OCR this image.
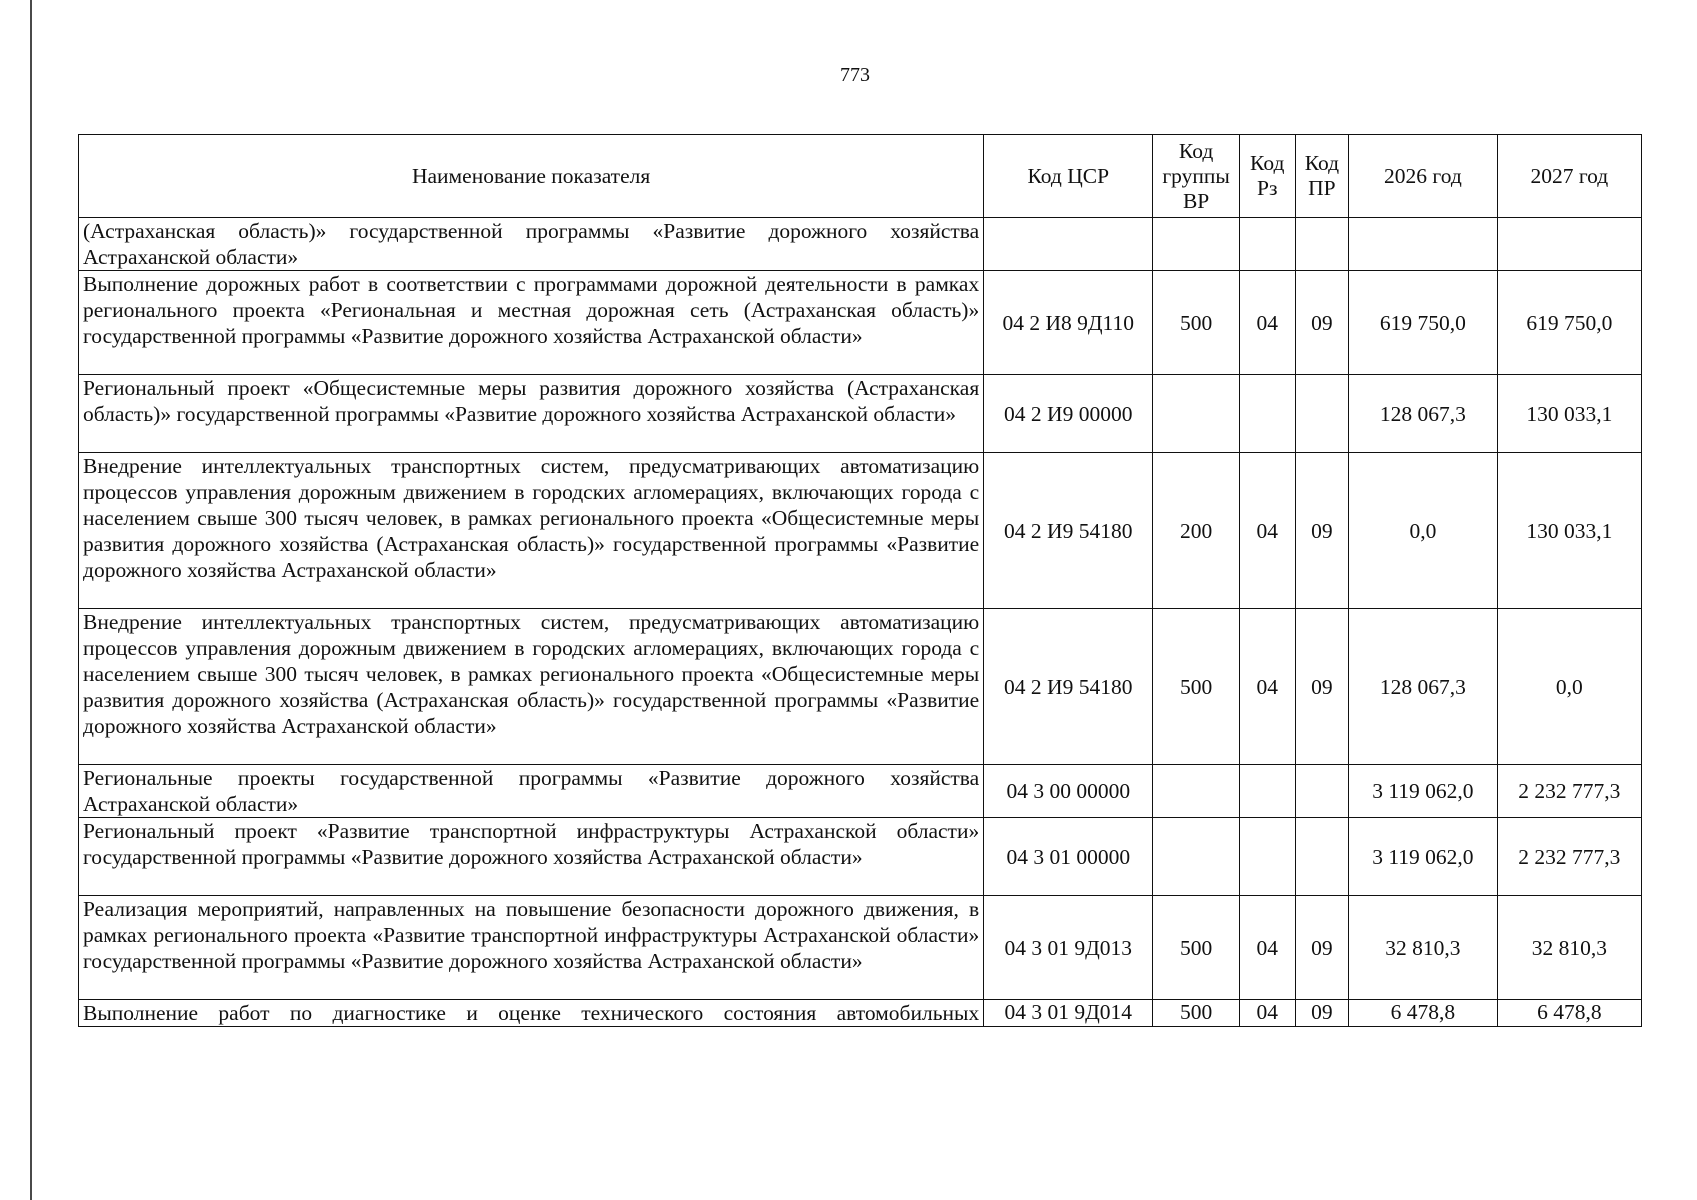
773
Наименование показателя	Код ЦСР	Код группы ВР	Код Рз	Код ПР	2026 год	2027 год
(Астраханская область)» государственной программы «Развитие дорожного хозяйства Астраханской области»						
Выполнение дорожных работ в соответствии с программами дорожной деятельности в рамках регионального проекта «Региональная и местная дорожная сеть (Астраханская область)» государственной программы «Развитие дорожного хозяйства Астраханской области»	04 2 И8 9Д110	500	04	09	619 750,0	619 750,0
Региональный проект «Общесистемные меры развития дорожного хозяйства (Астраханская область)» государственной программы «Развитие дорожного хозяйства Астраханской области»	04 2 И9 00000				128 067,3	130 033,1
Внедрение интеллектуальных транспортных систем, предусматривающих автоматизацию процессов управления дорожным движением в городских агломерациях, включающих города с населением свыше 300 тысяч человек, в рамках регионального проекта «Общесистемные меры развития дорожного хозяйства (Астраханская область)» государственной программы «Развитие дорожного хозяйства Астраханской области»	04 2 И9 54180	200	04	09	0,0	130 033,1
Внедрение интеллектуальных транспортных систем, предусматривающих автоматизацию процессов управления дорожным движением в городских агломерациях, включающих города с населением свыше 300 тысяч человек, в рамках регионального проекта «Общесистемные меры развития дорожного хозяйства (Астраханская область)» государственной программы «Развитие дорожного хозяйства Астраханской области»	04 2 И9 54180	500	04	09	128 067,3	0,0
Региональные проекты государственной программы «Развитие дорожного хозяйства Астраханской области»	04 3 00 00000				3 119 062,0	2 232 777,3
Региональный проект «Развитие транспортной инфраструктуры Астраханской области» государственной программы «Развитие дорожного хозяйства Астраханской области»	04 3 01 00000				3 119 062,0	2 232 777,3
Реализация мероприятий, направленных на повышение безопасности дорожного движения, в рамках регионального проекта «Развитие транспортной инфраструктуры Астраханской области» государственной программы «Развитие дорожного хозяйства Астраханской области»	04 3 01 9Д013	500	04	09	32 810,3	32 810,3
Выполнение работ по диагностике и оценке технического состояния автомобильных	04 3 01 9Д014	500	04	09	6 478,8	6 478,8
